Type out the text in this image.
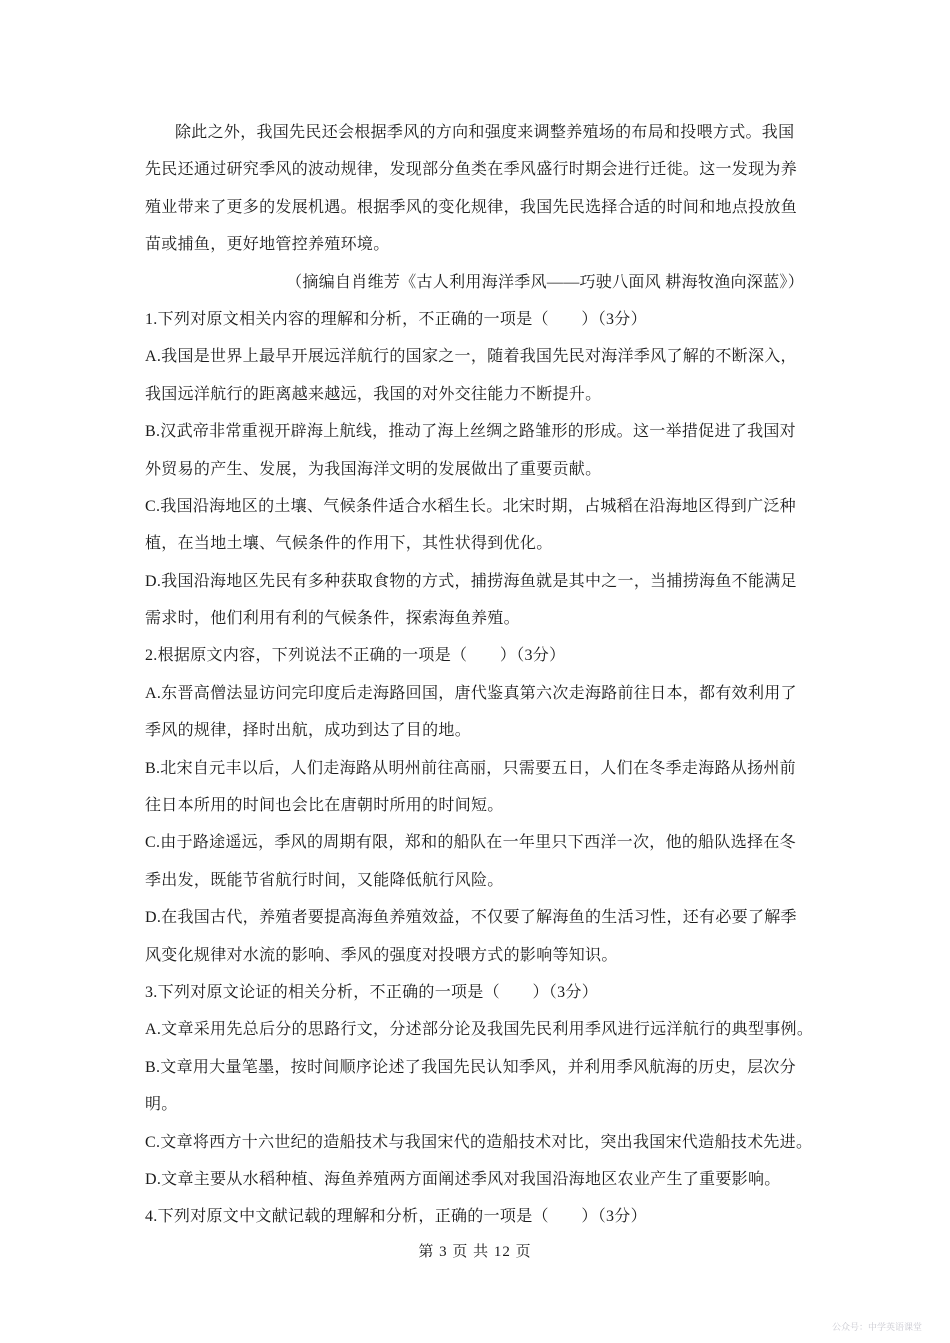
除此之外，我国先民还会根据季风的方向和强度来调整养殖场的布局和投喂方式。我国
先民还通过研究季风的波动规律，发现部分鱼类在季风盛行时期会进行迁徙。这一发现为养
殖业带来了更多的发展机遇。根据季风的变化规律，我国先民选择合适的时间和地点投放鱼
苗或捕鱼，更好地管控养殖环境。
（摘编自肖维芳《古人利用海洋季风——巧驶八面风 耕海牧渔向深蓝》）
1.下列对原文相关内容的理解和分析，不正确的一项是（　　）（3分）
A.我国是世界上最早开展远洋航行的国家之一，随着我国先民对海洋季风了解的不断深入，
我国远洋航行的距离越来越远，我国的对外交往能力不断提升。
B.汉武帝非常重视开辟海上航线，推动了海上丝绸之路雏形的形成。这一举措促进了我国对
外贸易的产生、发展，为我国海洋文明的发展做出了重要贡献。
C.我国沿海地区的土壤、气候条件适合水稻生长。北宋时期，占城稻在沿海地区得到广泛种
植，在当地土壤、气候条件的作用下，其性状得到优化。
D.我国沿海地区先民有多种获取食物的方式，捕捞海鱼就是其中之一，当捕捞海鱼不能满足
需求时，他们利用有利的气候条件，探索海鱼养殖。
2.根据原文内容，下列说法不正确的一项是（　　）（3分）
A.东晋高僧法显访问完印度后走海路回国，唐代鉴真第六次走海路前往日本，都有效利用了
季风的规律，择时出航，成功到达了目的地。
B.北宋自元丰以后，人们走海路从明州前往高丽，只需要五日，人们在冬季走海路从扬州前
往日本所用的时间也会比在唐朝时所用的时间短。
C.由于路途遥远，季风的周期有限，郑和的船队在一年里只下西洋一次，他的船队选择在冬
季出发，既能节省航行时间，又能降低航行风险。
D.在我国古代，养殖者要提高海鱼养殖效益，不仅要了解海鱼的生活习性，还有必要了解季
风变化规律对水流的影响、季风的强度对投喂方式的影响等知识。
3.下列对原文论证的相关分析，不正确的一项是（　　）（3分）
A.文章采用先总后分的思路行文，分述部分论及我国先民利用季风进行远洋航行的典型事例。
B.文章用大量笔墨，按时间顺序论述了我国先民认知季风，并利用季风航海的历史，层次分
明。
C.文章将西方十六世纪的造船技术与我国宋代的造船技术对比，突出我国宋代造船技术先进。
D.文章主要从水稻种植、海鱼养殖两方面阐述季风对我国沿海地区农业产生了重要影响。
4.下列对原文中文献记载的理解和分析，正确的一项是（　　）（3分）
第 3 页 共 12 页
公众号：中学英语课堂
